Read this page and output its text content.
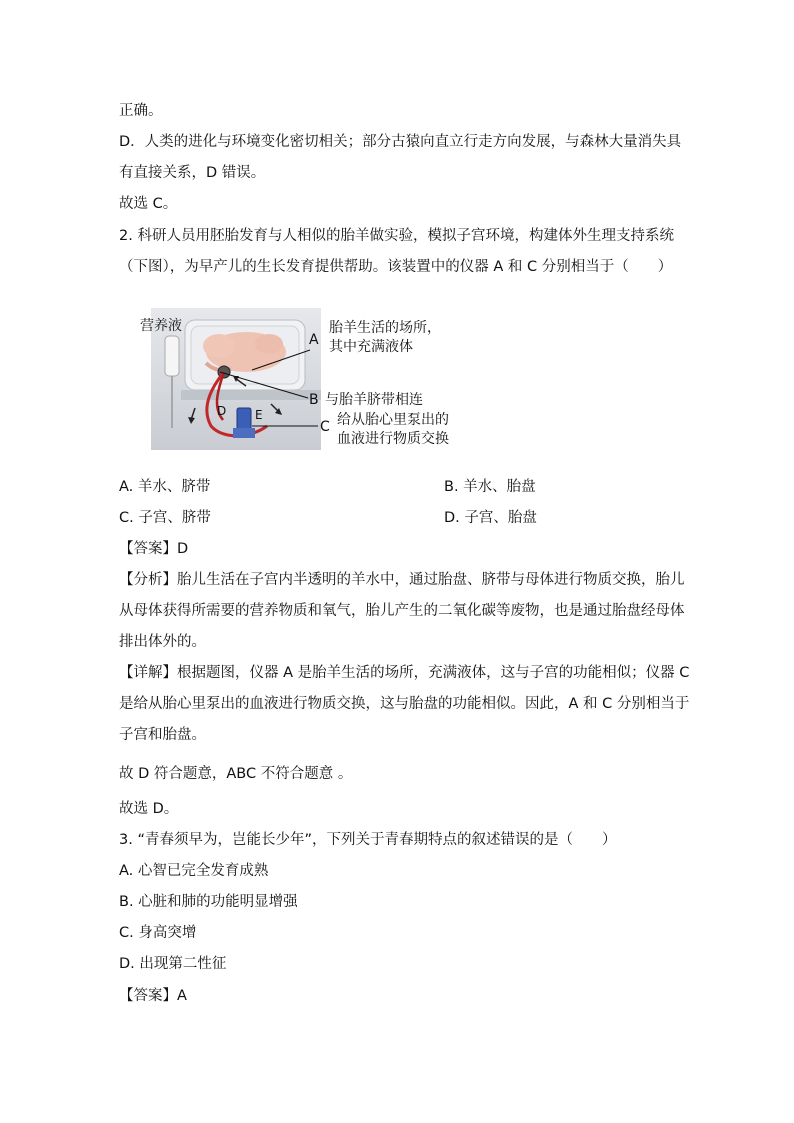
正确。
D．人类的进化与环境变化密切相关；部分古猿向直立行走方向发展，与森林大量消失具
有直接关系，D 错误。
故选 C。
2. 科研人员用胚胎发育与人相似的胎羊做实验，模拟子宫环境，构建体外生理支持系统
（下图），为早产儿的生长发育提供帮助。该装置中的仪器 A 和 C 分别相当于（　　）
D E
营养液
A
胎羊生活的场所，
其中充满液体
B 与胎羊脐带相连
C 给从胎心里泵出的
血液进行物质交换
A. 羊水、脐带	B. 羊水、胎盘
C. 子宫、脐带	D. 子宫、胎盘
【答案】D
【分析】胎儿生活在子宫内半透明的羊水中，通过胎盘、脐带与母体进行物质交换，胎儿
从母体获得所需要的营养物质和氧气，胎儿产生的二氧化碳等废物，也是通过胎盘经母体
排出体外的。
【详解】根据题图，仪器 A 是胎羊生活的场所，充满液体，这与子宫的功能相似；仪器 C
是给从胎心里泵出的血液进行物质交换，这与胎盘的功能相似。因此，A 和 C 分别相当于
子宫和胎盘。
故 D 符合题意，ABC 不符合题意 。
故选 D。
3. “青春须早为，岂能长少年”，下列关于青春期特点的叙述错误的是（　　）
A. 心智已完全发育成熟
B. 心脏和肺的功能明显增强
C. 身高突增
D. 出现第二性征
【答案】A
